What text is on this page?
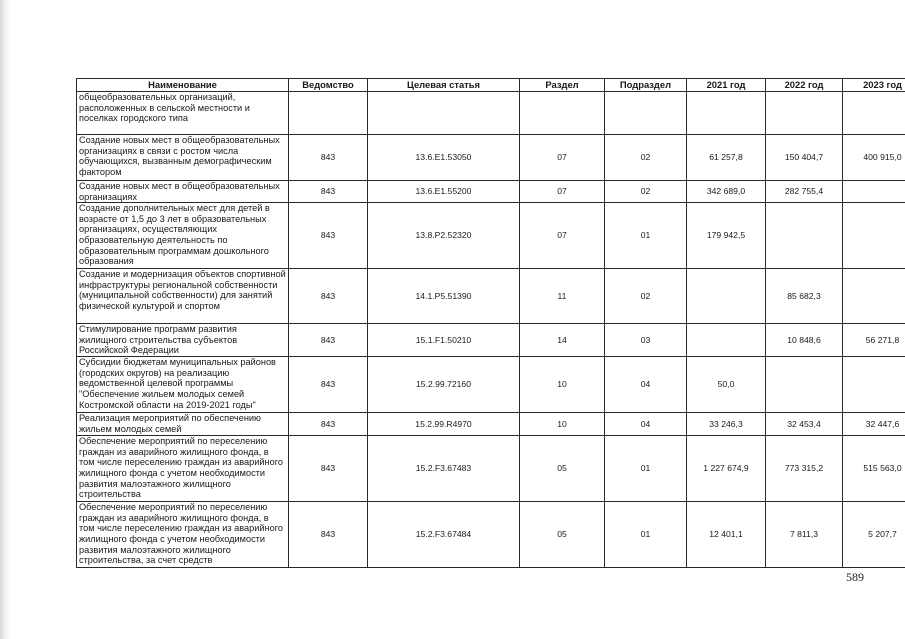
Наименование	Ведомство	Целевая статья	Раздел	Подраздел	2021 год	2022 год	2023 год
общеобразовательных организаций, расположенных в сельской местности и поселках городского типа							
Создание новых мест в общеобразовательных организациях в связи с ростом числа обучающихся, вызванным демографическим фактором	843	13.6.E1.53050	07	02	61 257,8	150 404,7	400 915,0
Создание новых мест в общеобразовательных организациях	843	13.6.E1.55200	07	02	342 689,0	282 755,4	
Создание дополнительных мест для детей в возрасте от 1,5 до 3 лет в образовательных организациях, осуществляющих образовательную деятельность по образовательным программам дошкольного образования	843	13.8.P2.52320	07	01	179 942,5		
Создание и модернизация объектов спортивной инфраструктуры региональной собственности (муниципальной собственности) для занятий физической культурой и спортом	843	14.1.P5.51390	11	02		85 682,3	
Стимулирование программ развития жилищного строительства субъектов Российской Федерации	843	15.1.F1.50210	14	03		10 848,6	56 271,8
Субсидии бюджетам муниципальных районов (городских округов) на реализацию ведомственной целевой программы "Обеспечение жильем молодых семей Костромской области на 2019-2021 годы"	843	15.2.99.72160	10	04	50,0		
Реализация мероприятий по обеспечению жильем молодых семей	843	15.2.99.R4970	10	04	33 246,3	32 453,4	32 447,6
Обеспечение мероприятий по переселению граждан из аварийного жилищного фонда, в том числе переселению граждан из аварийного жилищного фонда с учетом необходимости развития малоэтажного жилищного строительства	843	15.2.F3.67483	05	01	1 227 674,9	773 315,2	515 563,0
Обеспечение мероприятий по переселению граждан из аварийного жилищного фонда, в том числе переселению граждан из аварийного жилищного фонда с учетом необходимости развития малоэтажного жилищного строительства, за счет средств	843	15.2.F3.67484	05	01	12 401,1	7 811,3	5 207,7
589
